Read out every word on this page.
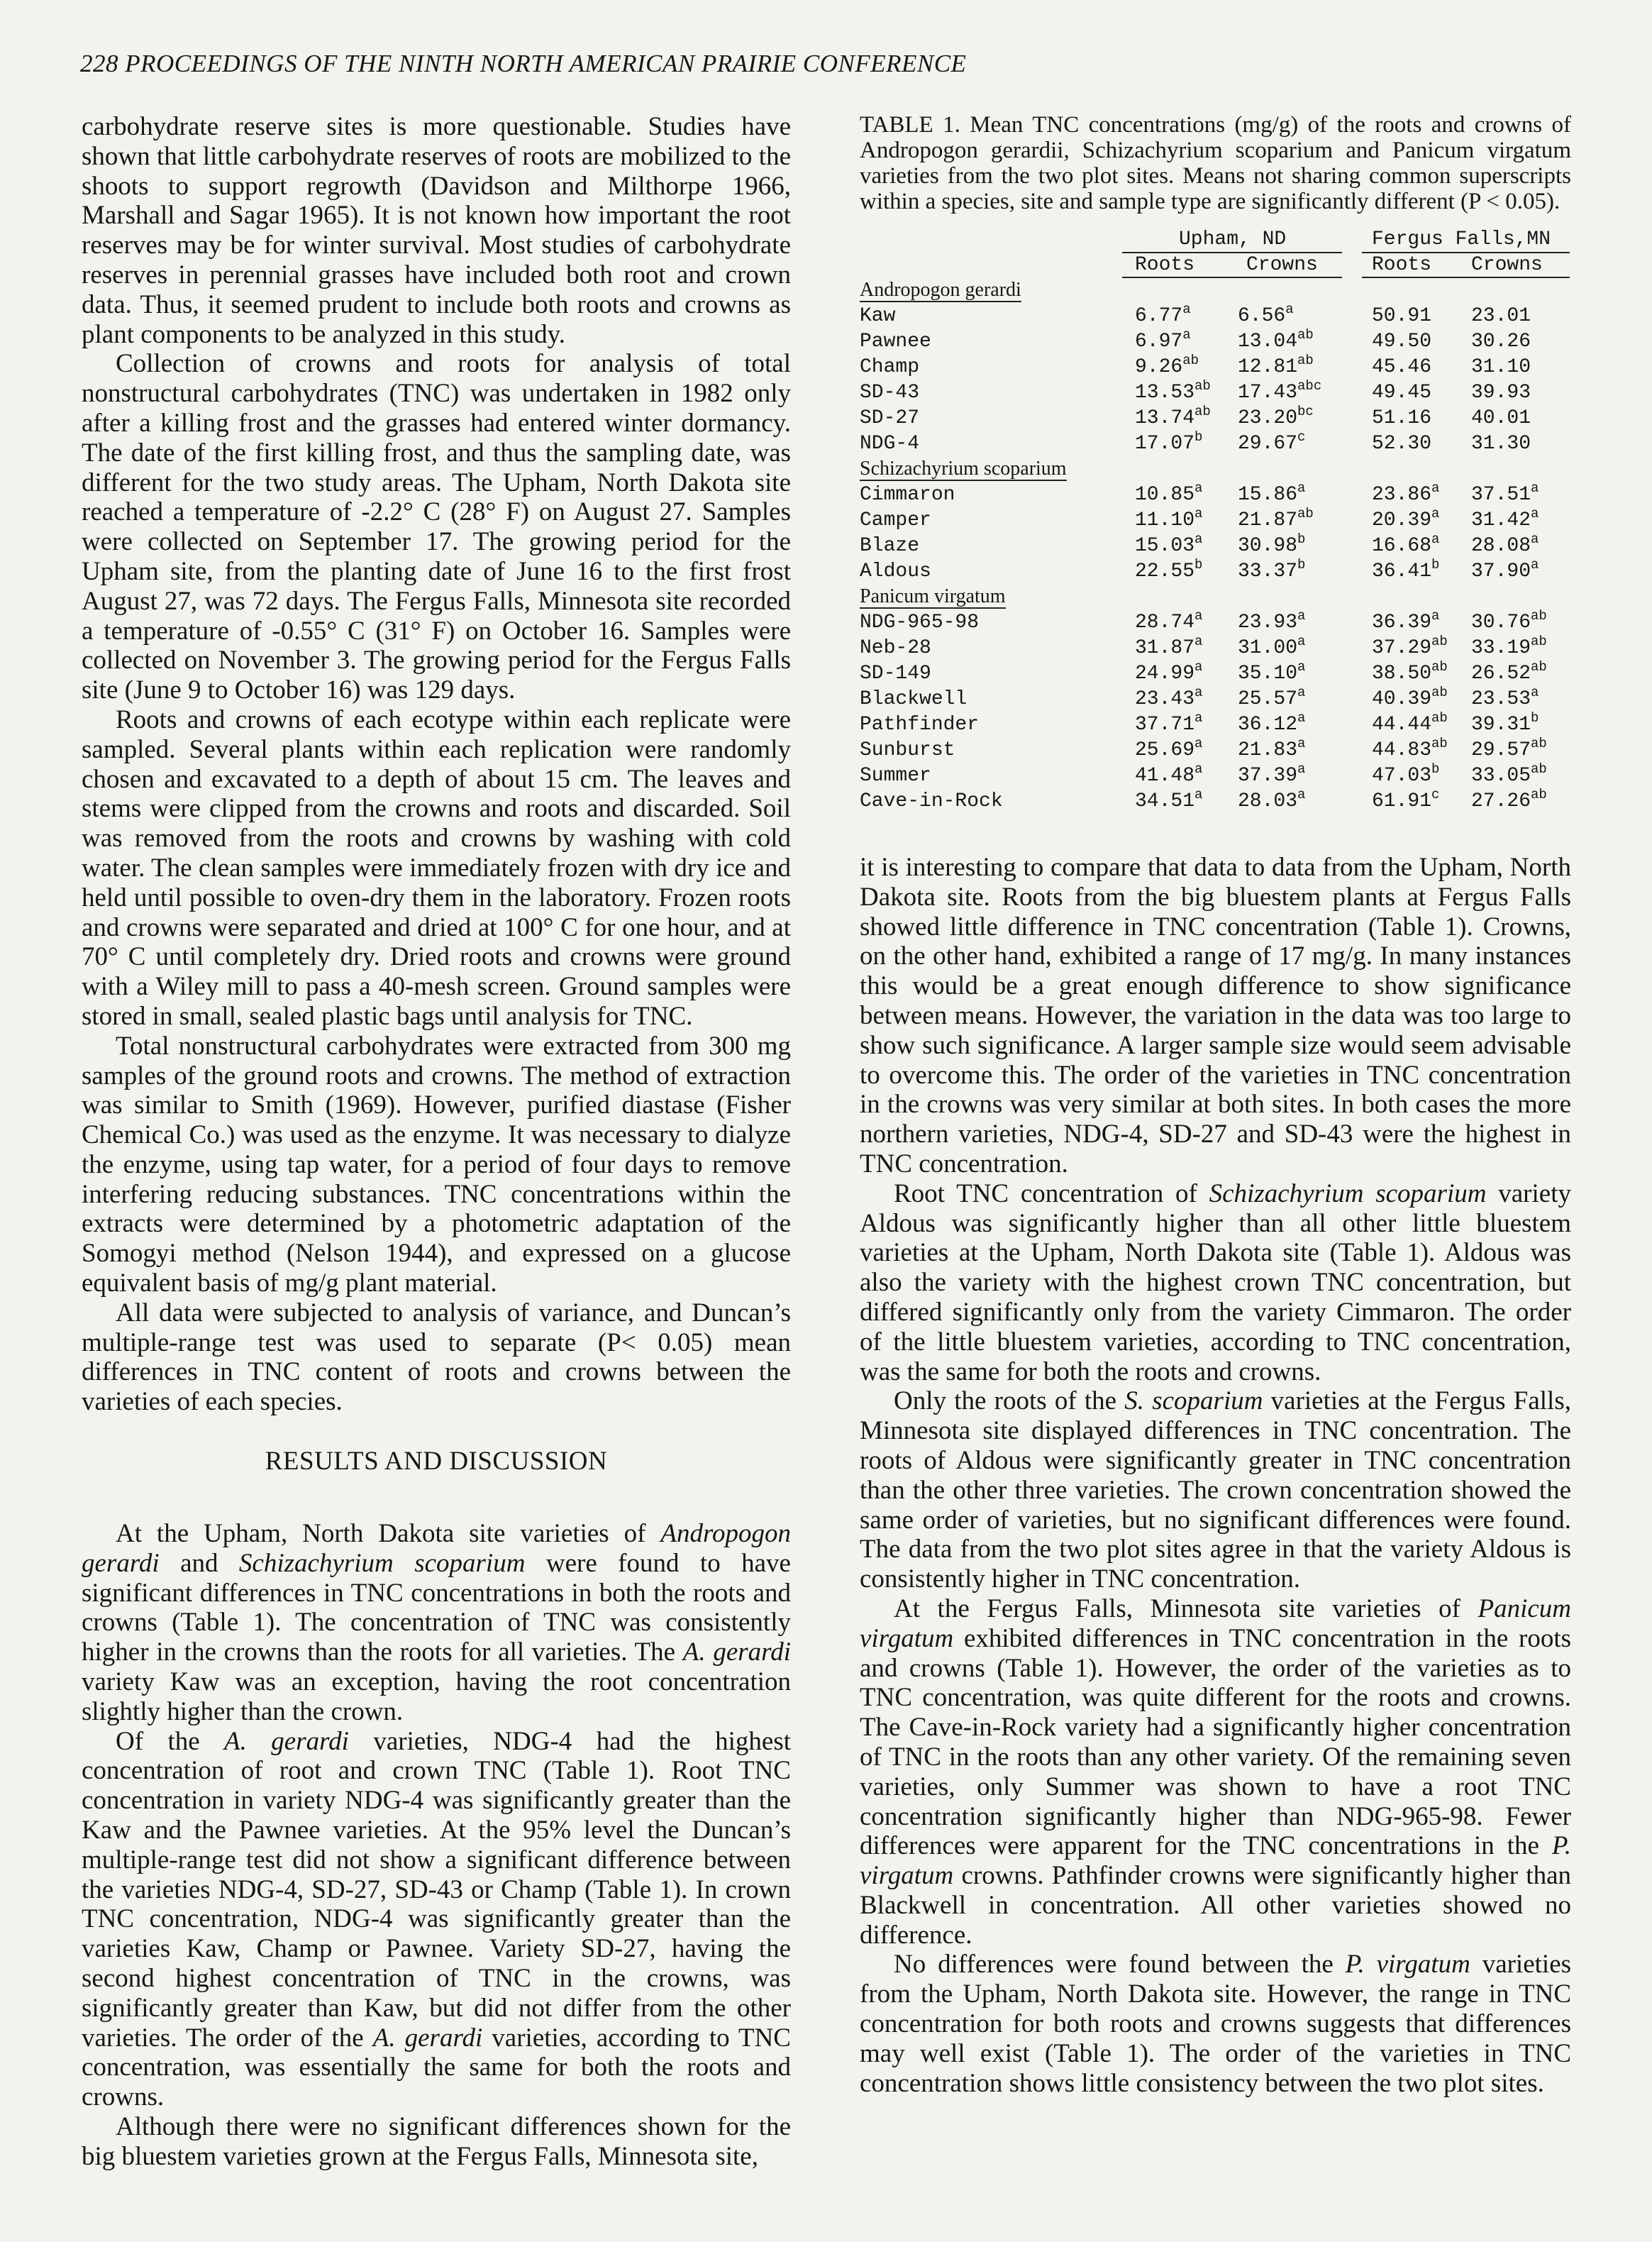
228 PROCEEDINGS OF THE NINTH NORTH AMERICAN PRAIRIE CONFERENCE

carbohydrate reserve sites is more questionable. Studies have shown that little carbohydrate reserves of roots are mobilized to the shoots to support regrowth (Davidson and Milthorpe 1966, Marshall and Sagar 1965). It is not known how important the root reserves may be for winter survival. Most studies of carbohydrate reserves in perennial grasses have included both root and crown data. Thus, it seemed prudent to include both roots and crowns as plant components to be analyzed in this study.

Collection of crowns and roots for analysis of total nonstructural carbohydrates (TNC) was undertaken in 1982 only after a killing frost and the grasses had entered winter dormancy. The date of the first killing frost, and thus the sampling date, was different for the two study areas. The Upham, North Dakota site reached a temperature of -2.2° C (28° F) on August 27. Samples were collected on September 17. The growing period for the Upham site, from the planting date of June 16 to the first frost August 27, was 72 days. The Fergus Falls, Minnesota site recorded a temperature of -0.55° C (31° F) on October 16. Samples were collected on November 3. The growing period for the Fergus Falls site (June 9 to October 16) was 129 days.

Roots and crowns of each ecotype within each replicate were sampled. Several plants within each replication were randomly chosen and excavated to a depth of about 15 cm. The leaves and stems were clipped from the crowns and roots and discarded. Soil was removed from the roots and crowns by washing with cold water. The clean samples were immediately frozen with dry ice and held until possible to oven-dry them in the laboratory. Frozen roots and crowns were separated and dried at 100° C for one hour, and at 70° C until completely dry. Dried roots and crowns were ground with a Wiley mill to pass a 40-mesh screen. Ground samples were stored in small, sealed plastic bags until analysis for TNC.

Total nonstructural carbohydrates were extracted from 300 mg samples of the ground roots and crowns. The method of extraction was similar to Smith (1969). However, purified diastase (Fisher Chemical Co.) was used as the enzyme. It was necessary to dialyze the enzyme, using tap water, for a period of four days to remove interfering reducing substances. TNC concentrations within the extracts were determined by a photometric adaptation of the Somogyi method (Nelson 1944), and expressed on a glucose equivalent basis of mg/g plant material.

All data were subjected to analysis of variance, and Duncan’s multiple-range test was used to separate (P< 0.05) mean differences in TNC content of roots and crowns between the varieties of each species.

RESULTS AND DISCUSSION

At the Upham, North Dakota site varieties of Andropogon gerardi and Schizachyrium scoparium were found to have significant differences in TNC concentrations in both the roots and crowns (Table 1). The concentration of TNC was consistently higher in the crowns than the roots for all varieties. The A. gerardi variety Kaw was an exception, having the root concentration slightly higher than the crown.

Of the A. gerardi varieties, NDG-4 had the highest concentration of root and crown TNC (Table 1). Root TNC concentration in variety NDG-4 was significantly greater than the Kaw and the Pawnee varieties. At the 95% level the Duncan’s multiple-range test did not show a significant difference between the varieties NDG-4, SD-27, SD-43 or Champ (Table 1). In crown TNC concentration, NDG-4 was significantly greater than the varieties Kaw, Champ or Pawnee. Variety SD-27, having the second highest concentration of TNC in the crowns, was significantly greater than Kaw, but did not differ from the other varieties. The order of the A. gerardi varieties, according to TNC concentration, was essentially the same for both the roots and crowns.

Although there were no significant differences shown for the big bluestem varieties grown at the Fergus Falls, Minnesota site,

TABLE 1. Mean TNC concentrations (mg/g) of the roots and crowns of Andropogon gerardii, Schizachyrium scoparium and Panicum virgatum varieties from the two plot sites. Means not sharing common superscripts within a species, site and sample type are significantly different (P < 0.05).

Upham, ND	Fergus Falls,MN
Roots	Crowns	Roots Crowns
Andropogon gerardi
Kaw	6.77$^a$ 6.56$^a$	50.91 23.01
Pawnee	6.97$^a$ 13.04$^{ab}$	49.50 30.26
Champ	9.26$^{ab}$ 12.81$^{ab}$	45.46 31.10
SD-43	13.53$^{ab}$ 17.43$^{abc}$	49.45 39.93
SD-27	13.74$^{ab}$ 23.20$^{bc}$	51.16 40.01
NDG-4	17.07$^b$ 29.67$^c$	52.30 31.30
Schizachyrium scoparium
Cimmaron	10.85$^a$ 15.86$^a$	23.86$^a$ 37.51$^a$
Camper	11.10$^a$ 21.87$^{ab}$	20.39$^a$ 31.42$^a$
Blaze	15.03$^a$ 30.98$^b$	16.68$^a$ 28.08$^a$
Aldous	22.55$^b$ 33.37$^b$	36.41$^b$ 37.90$^a$
Panicum virgatum
NDG-965-98	28.74$^a$ 23.93$^a$	36.39$^a$ 30.76$^{ab}$
Neb-28	31.87$^a$ 31.00$^a$	37.29$^{ab}$ 33.19$^{ab}$
SD-149	24.99$^a$ 35.10$^a$	38.50$^{ab}$ 26.52$^{ab}$
Blackwell	23.43$^a$ 25.57$^a$	40.39$^{ab}$ 23.53$^a$
Pathfinder	37.71$^a$ 36.12$^a$	44.44$^{ab}$ 39.31$^b$
Sunburst	25.69$^a$ 21.83$^a$	44.83$^{ab}$ 29.57$^{ab}$
Summer	41.48$^a$ 37.39$^a$	47.03$^b$ 33.05$^{ab}$
Cave-in-Rock	34.51$^a$ 28.03$^a$	61.91$^c$ 27.26$^{ab}$

it is interesting to compare that data to data from the Upham, North Dakota site. Roots from the big bluestem plants at Fergus Falls showed little difference in TNC concentration (Table 1). Crowns, on the other hand, exhibited a range of 17 mg/g. In many instances this would be a great enough difference to show significance between means. However, the variation in the data was too large to show such significance. A larger sample size would seem advisable to overcome this. The order of the varieties in TNC concentration in the crowns was very similar at both sites. In both cases the more northern varieties, NDG-4, SD-27 and SD-43 were the highest in TNC concentration.

Root TNC concentration of Schizachyrium scoparium variety Aldous was significantly higher than all other little bluestem varieties at the Upham, North Dakota site (Table 1). Aldous was also the variety with the highest crown TNC concentration, but differed significantly only from the variety Cimmaron. The order of the little bluestem varieties, according to TNC concentration, was the same for both the roots and crowns.

Only the roots of the S. scoparium varieties at the Fergus Falls, Minnesota site displayed differences in TNC concentration. The roots of Aldous were significantly greater in TNC concentration than the other three varieties. The crown concentration showed the same order of varieties, but no significant differences were found. The data from the two plot sites agree in that the variety Aldous is consistently higher in TNC concentration.

At the Fergus Falls, Minnesota site varieties of Panicum virgatum exhibited differences in TNC concentration in the roots and crowns (Table 1). However, the order of the varieties as to TNC concentration, was quite different for the roots and crowns. The Cave-in-Rock variety had a significantly higher concentration of TNC in the roots than any other variety. Of the remaining seven varieties, only Summer was shown to have a root TNC concentration significantly higher than NDG-965-98. Fewer differences were apparent for the TNC concentrations in the P. virgatum crowns. Pathfinder crowns were significantly higher than Blackwell in concentration. All other varieties showed no difference.

No differences were found between the P. virgatum varieties from the Upham, North Dakota site. However, the range in TNC concentration for both roots and crowns suggests that differences may well exist (Table 1). The order of the varieties in TNC concentration shows little consistency between the two plot sites.
